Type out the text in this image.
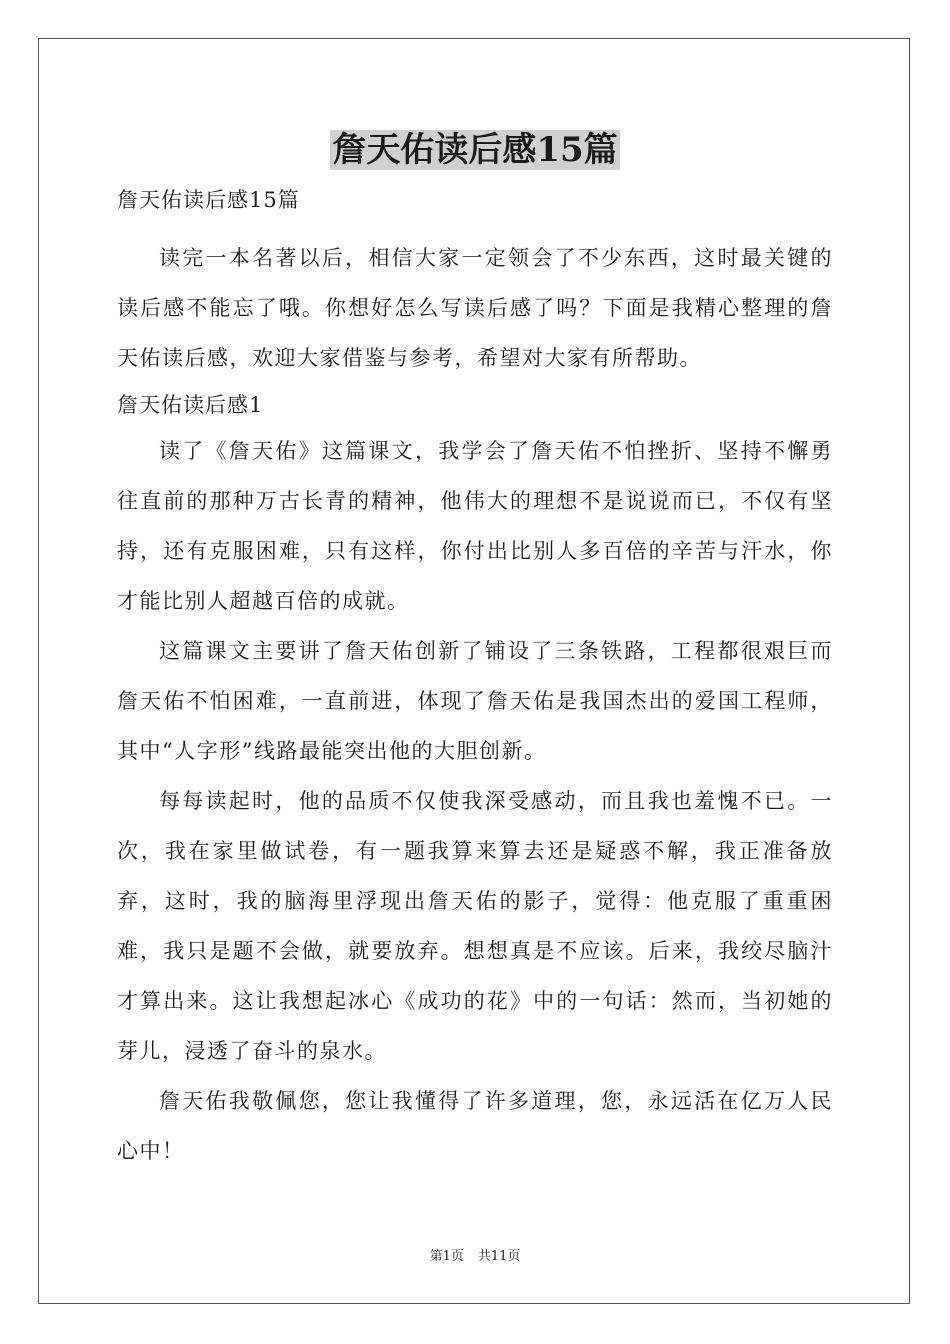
詹天佑读后感15篇

詹天佑读后感15篇

读完一本名著以后，相信大家一定领会了不少东西，这时最关键的读后感不能忘了哦。你想好怎么写读后感了吗？下面是我精心整理的詹天佑读后感，欢迎大家借鉴与参考，希望对大家有所帮助。

詹天佑读后感1

读了《詹天佑》这篇课文，我学会了詹天佑不怕挫折、坚持不懈勇往直前的那种万古长青的精神，他伟大的理想不是说说而已，不仅有坚持，还有克服困难，只有这样，你付出比别人多百倍的辛苦与汗水，你才能比别人超越百倍的成就。

这篇课文主要讲了詹天佑创新了铺设了三条铁路，工程都很艰巨而詹天佑不怕困难，一直前进，体现了詹天佑是我国杰出的爱国工程师，其中“人字形”线路最能突出他的大胆创新。

每每读起时，他的品质不仅使我深受感动，而且我也羞愧不已。一次，我在家里做试卷，有一题我算来算去还是疑惑不解，我正准备放弃，这时，我的脑海里浮现出詹天佑的影子，觉得：他克服了重重困难，我只是题不会做，就要放弃。想想真是不应该。后来，我绞尽脑汁才算出来。这让我想起冰心《成功的花》中的一句话：然而，当初她的芽儿，浸透了奋斗的泉水。

詹天佑我敬佩您，您让我懂得了许多道理，您，永远活在亿万人民心中！

第1页 共11页
